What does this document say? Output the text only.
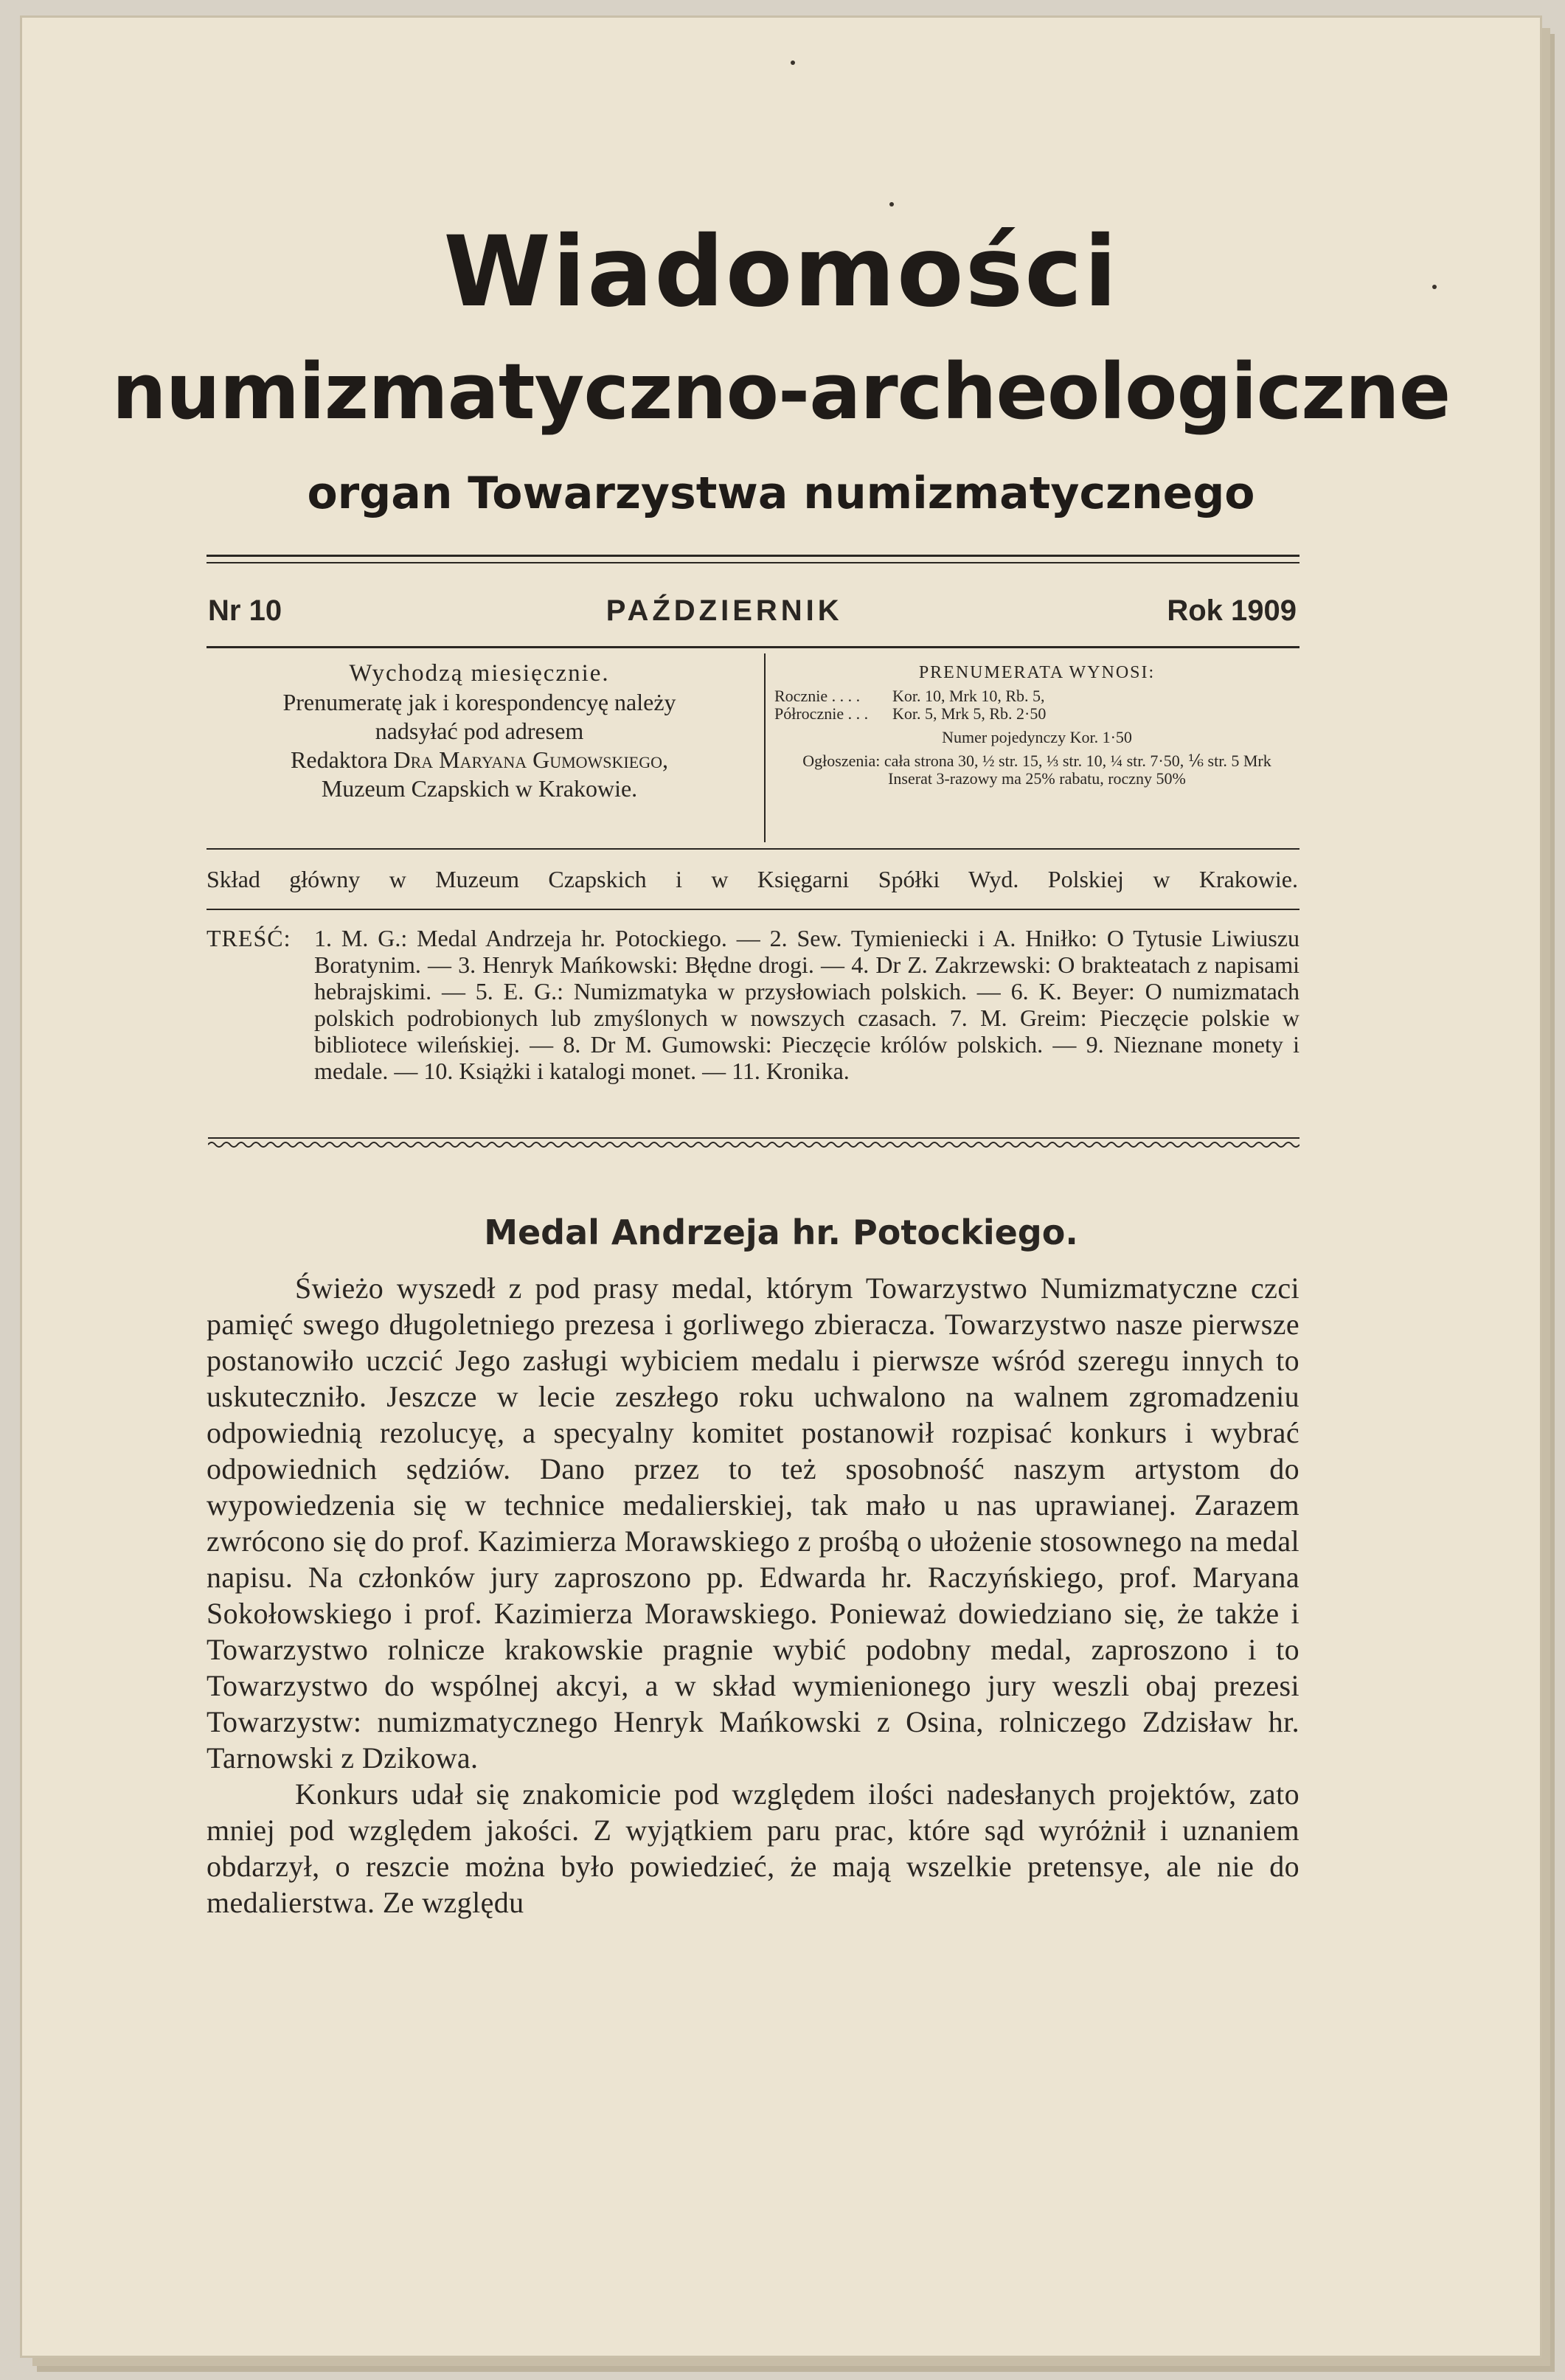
Wiadomości
numizmatyczno-archeologiczne
organ Towarzystwa numizmatycznego
Nr 10	PAŹDZIERNIK	Rok 1909
Wychodzą miesięcznie.
Prenumeratę jak i korespondencyę należy
nadsyłać pod adresem
Redaktora Dra Maryana Gumowskiego,
Muzeum Czapskich w Krakowie.
PRENUMERATA WYNOSI:
Rocznie . . . .	Kor. 10, Mrk 10, Rb. 5,
Półrocznie . . .	Kor. 5, Mrk 5, Rb. 2·50
Numer pojedynczy Kor. 1·50
Ogłoszenia: cała strona 30, ½ str. 15, ⅓ str. 10, ¼ str. 7·50, ⅙ str. 5 Mrk
Inserat 3-razowy ma 25% rabatu, roczny 50%
Skład główny w Muzeum Czapskich i w Księgarni Spółki Wyd. Polskiej w Krakowie.
TREŚĆ: 1. M. G.: Medal Andrzeja hr. Potockiego. — 2. Sew. Tymieniecki i A. Hniłko: O Tytusie Liwiuszu Boratynim. — 3. Henryk Mańkowski: Błędne drogi. — 4. Dr Z. Zakrzewski: O brakteatach z napisami hebrajskimi. — 5. E. G.: Numizmatyka w przysłowiach polskich. — 6. K. Beyer: O numizmatach polskich podrobionych lub zmyślonych w nowszych czasach. 7. M. Greim: Pieczęcie polskie w bibliotece wileńskiej. — 8. Dr M. Gumowski: Pieczęcie królów polskich. — 9. Nieznane monety i medale. — 10. Książki i katalogi monet. — 11. Kronika.
Medal Andrzeja hr. Potockiego.

Świeżo wyszedł z pod prasy medal, którym Towarzystwo Numizmatyczne czci pamięć swego długoletniego prezesa i gorliwego zbieracza. Towarzystwo nasze pierwsze postanowiło uczcić Jego zasługi wybiciem medalu i pierwsze wśród szeregu innych to uskuteczniło. Jeszcze w lecie zeszłego roku uchwalono na walnem zgromadzeniu odpowiednią rezolucyę, a specyalny komitet postanowił rozpisać konkurs i wybrać odpowiednich sędziów. Dano przez to też sposobność naszym artystom do wypowiedzenia się w technice medalierskiej, tak mało u nas uprawianej. Zarazem zwrócono się do prof. Kazimierza Morawskiego z prośbą o ułożenie stosownego na medal napisu. Na członków jury zaproszono pp. Edwarda hr. Raczyńskiego, prof. Maryana Sokołowskiego i prof. Kazimierza Morawskiego. Ponieważ dowiedziano się, że także i Towarzystwo rolnicze krakowskie pragnie wybić podobny medal, zaproszono i to Towarzystwo do wspólnej akcyi, a w skład wymienionego jury weszli obaj prezesi Towarzystw: numizmatycznego Henryk Mańkowski z Osina, rolniczego Zdzisław hr. Tarnowski z Dzikowa.

Konkurs udał się znakomicie pod względem ilości nadesłanych projektów, zato mniej pod względem jakości. Z wyjątkiem paru prac, które sąd wyróżnił i uznaniem obdarzył, o reszcie można było powiedzieć, że mają wszelkie pretensye, ale nie do medalierstwa. Ze względu
